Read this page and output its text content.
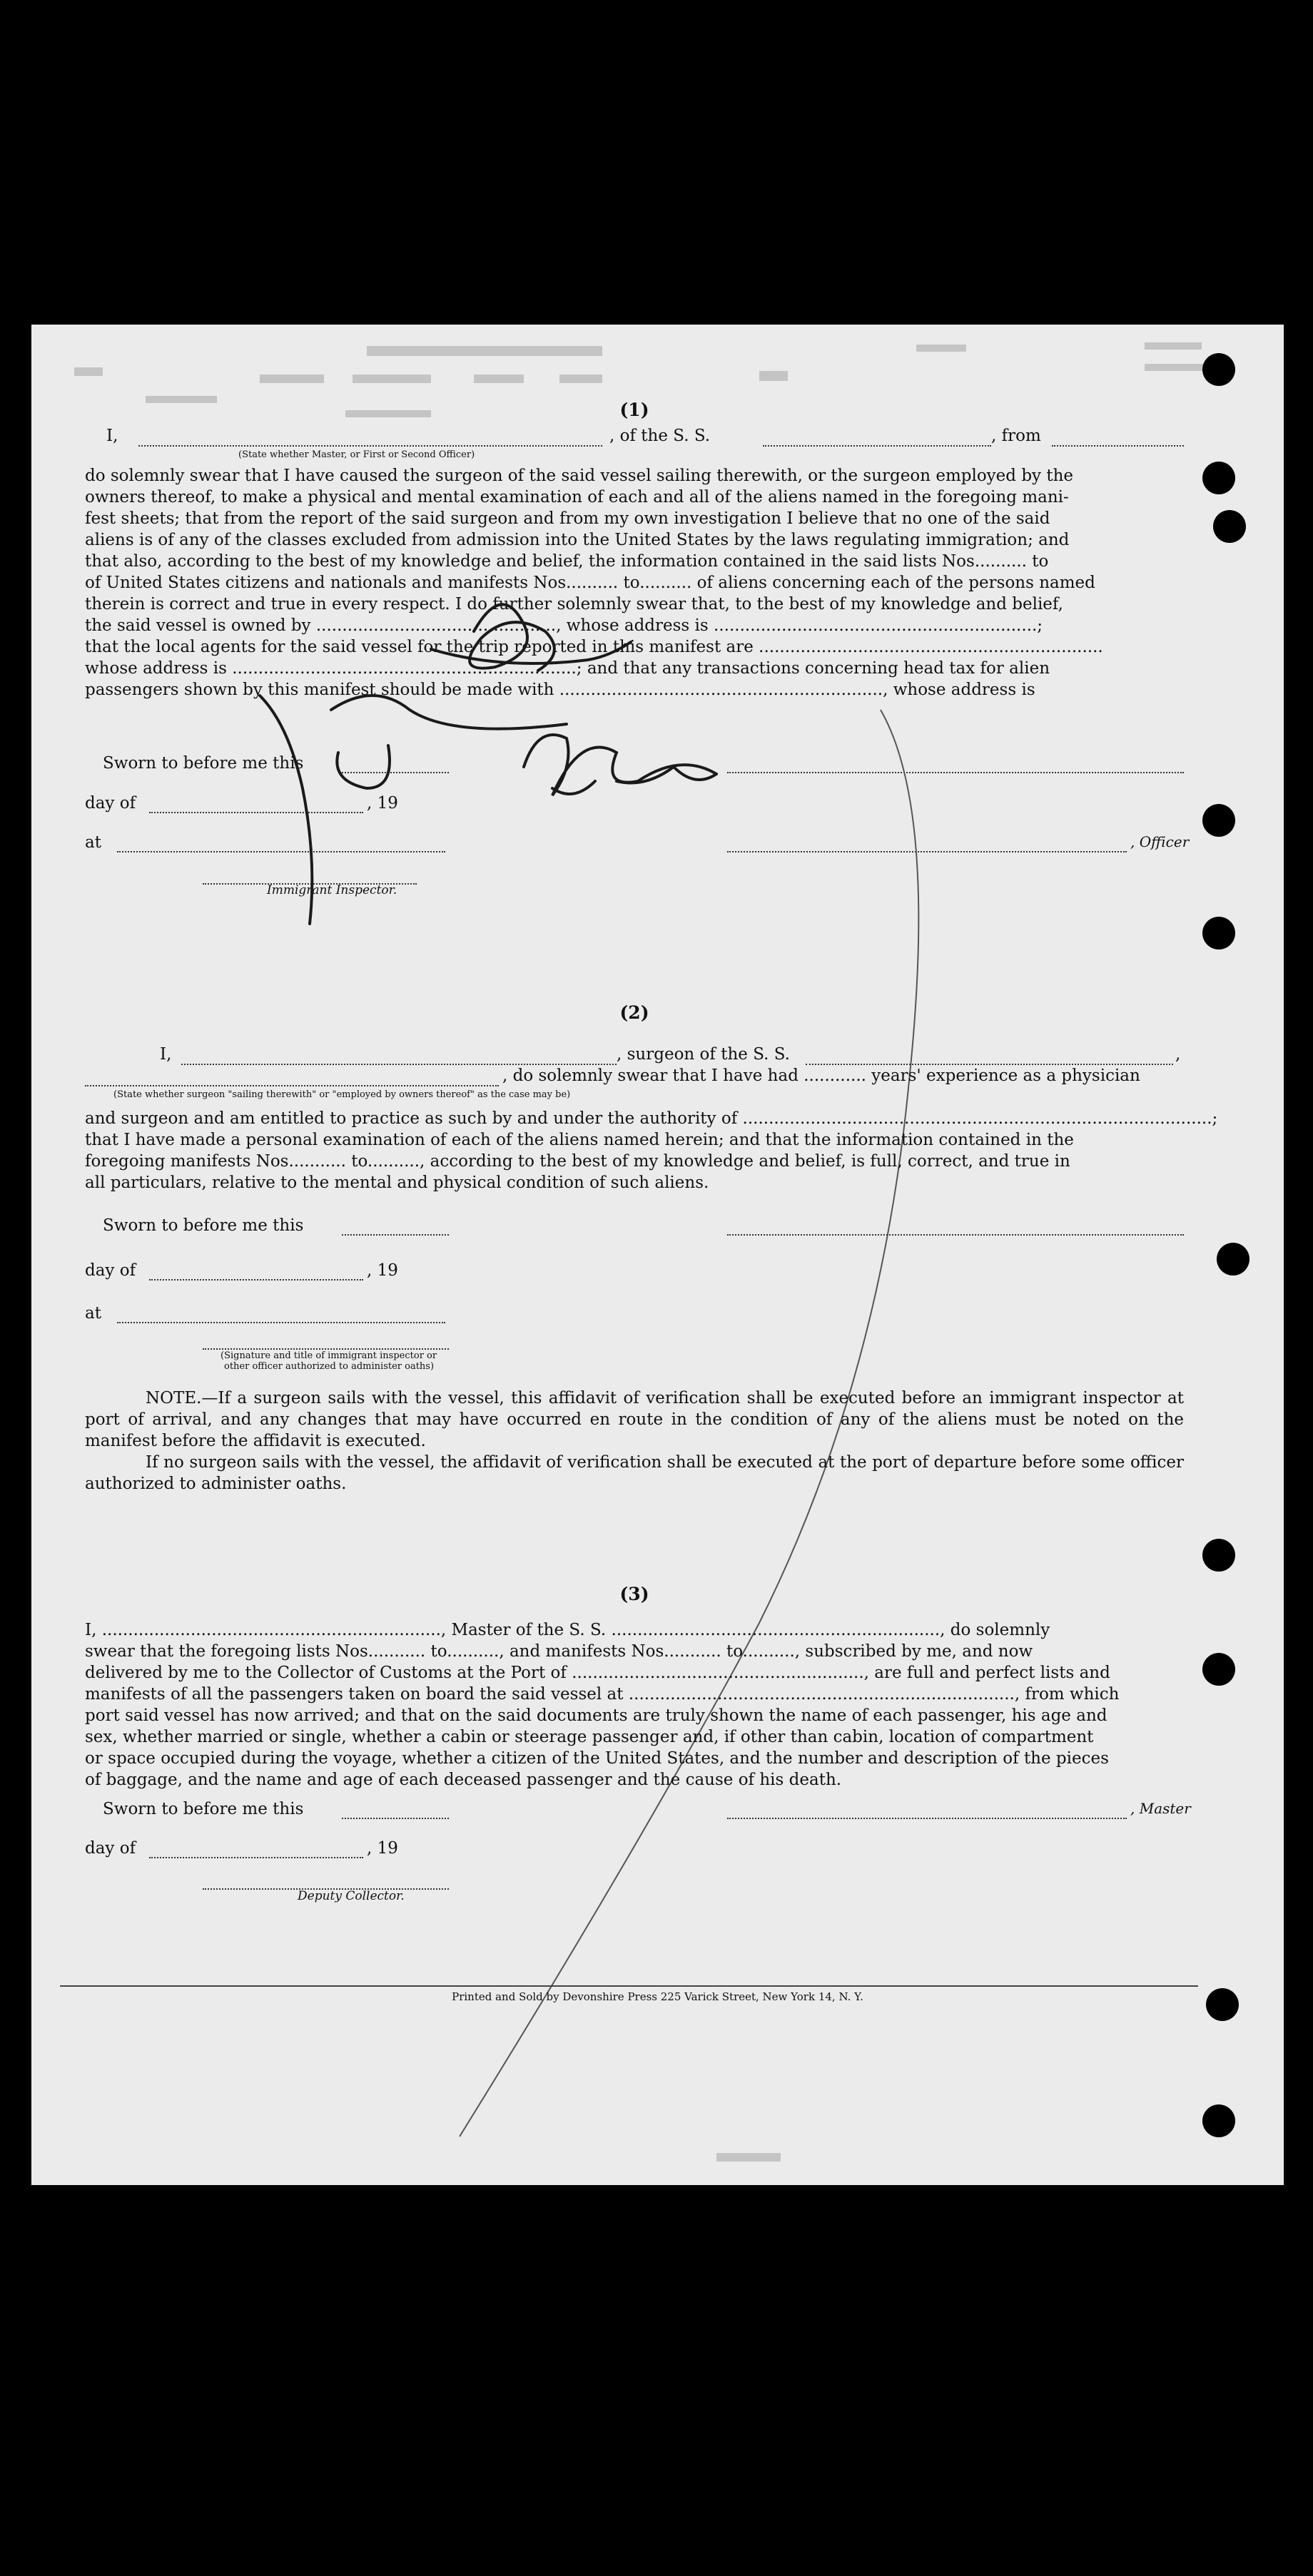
(1)
I,	, of the S. S.	, from
(State whether Master, or First or Second Officer)
do solemnly swear that I have caused the surgeon of the said vessel sailing therewith, or the surgeon employed by the
owners thereof, to make a physical and mental examination of each and all of the aliens named in the foregoing mani-
fest sheets; that from the report of the said surgeon and from my own investigation I believe that no one of the said
aliens is of any of the classes excluded from admission into the United States by the laws regulating immigration; and
that also, according to the best of my knowledge and belief, the information contained in the said lists Nos.......... to
of United States citizens and nationals and manifests Nos.......... to.......... of aliens concerning each of the persons named
therein is correct and true in every respect. I do further solemnly swear that, to the best of my knowledge and belief,
the said vessel is owned by .............................................., whose address is ..............................................................;
that the local agents for the said vessel for the trip reported in this manifest are ..................................................................
whose address is ..................................................................; and that any transactions concerning head tax for alien
passengers shown by this manifest should be made with .............................................................., whose address is
Sworn to before me this
day of	, 19
at	, Officer
Immigrant Inspector.
(2)
I,	, surgeon of the S. S.	,
, do solemnly swear that I have had ............ years' experience as a physician
(State whether surgeon "sailing therewith" or "employed by owners thereof" as the case may be)
and surgeon and am entitled to practice as such by and under the authority of ..........................................................................................;
that I have made a personal examination of each of the aliens named herein; and that the information contained in the
foregoing manifests Nos........... to.........., according to the best of my knowledge and belief, is full, correct, and true in
all particulars, relative to the mental and physical condition of such aliens.
Sworn to before me this
day of	, 19
at
(Signature and title of immigrant inspector or
other officer authorized to administer oaths)
NOTE.—If a surgeon sails with the vessel, this affidavit of verification shall be executed before an immigrant inspector at port of arrival, and any changes that may have occurred en route in the condition of any of the aliens must be noted on the manifest before the affidavit is executed.
If no surgeon sails with the vessel, the affidavit of verification shall be executed at the port of departure before some officer authorized to administer oaths.
(3)
I, ................................................................., Master of the S. S. ..............................................................., do solemnly
swear that the foregoing lists Nos........... to.........., and manifests Nos........... to.........., subscribed by me, and now
delivered by me to the Collector of Customs at the Port of ........................................................, are full and perfect lists and
manifests of all the passengers taken on board the said vessel at .........................................................................., from which
port said vessel has now arrived; and that on the said documents are truly shown the name of each passenger, his age and
sex, whether married or single, whether a cabin or steerage passenger and, if other than cabin, location of compartment
or space occupied during the voyage, whether a citizen of the United States, and the number and description of the pieces
of baggage, and the name and age of each deceased passenger and the cause of his death.
Sworn to before me this	, Master
day of	, 19
Deputy Collector.
Printed and Sold by Devonshire Press 225 Varick Street, New York 14, N. Y.
